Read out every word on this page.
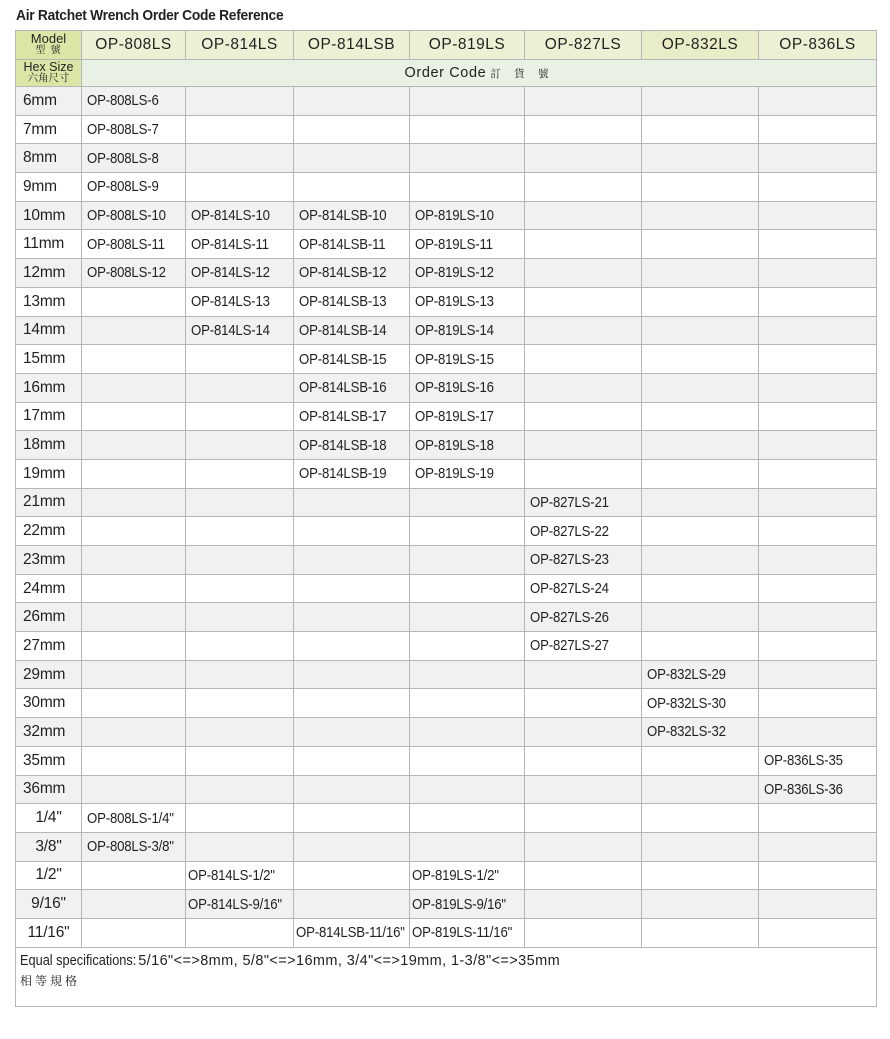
Air Ratchet Wrench Order Code Reference
Model
型 號	OP-808LS	OP-814LS	OP-814LSB	OP-819LS	OP-827LS	OP-832LS	OP-836LS

Hex Size
六角尺寸	Order Code 訂 貨 號						
6mm	OP-808LS-6						
7mm	OP-808LS-7						
8mm	OP-808LS-8						
9mm	OP-808LS-9						
10mm	OP-808LS-10	OP-814LS-10	OP-814LSB-10	OP-819LS-10			
11mm	OP-808LS-11	OP-814LS-11	OP-814LSB-11	OP-819LS-11			
12mm	OP-808LS-12	OP-814LS-12	OP-814LSB-12	OP-819LS-12			
13mm		OP-814LS-13	OP-814LSB-13	OP-819LS-13			
14mm		OP-814LS-14	OP-814LSB-14	OP-819LS-14			
15mm			OP-814LSB-15	OP-819LS-15			
16mm			OP-814LSB-16	OP-819LS-16			
17mm			OP-814LSB-17	OP-819LS-17			
18mm			OP-814LSB-18	OP-819LS-18			
19mm			OP-814LSB-19	OP-819LS-19			
21mm					OP-827LS-21		
22mm					OP-827LS-22		
23mm					OP-827LS-23		
24mm					OP-827LS-24		
26mm					OP-827LS-26		
27mm					OP-827LS-27		
29mm						OP-832LS-29	
30mm						OP-832LS-30	
32mm						OP-832LS-32	
35mm							OP-836LS-35
36mm							OP-836LS-36
1/4"	OP-808LS-1/4"						
3/8"	OP-808LS-3/8"						
1/2"		OP-814LS-1/2"		OP-819LS-1/2"			
9/16"		OP-814LS-9/16"		OP-819LS-9/16"			
11/16"			OP-814LSB-11/16"	OP-819LS-11/16"			

Equal specifications: 5/16"<=>8mm, 5/8"<=>16mm, 3/4"<=>19mm, 1-3/8"<=>35mm
相等規格							
